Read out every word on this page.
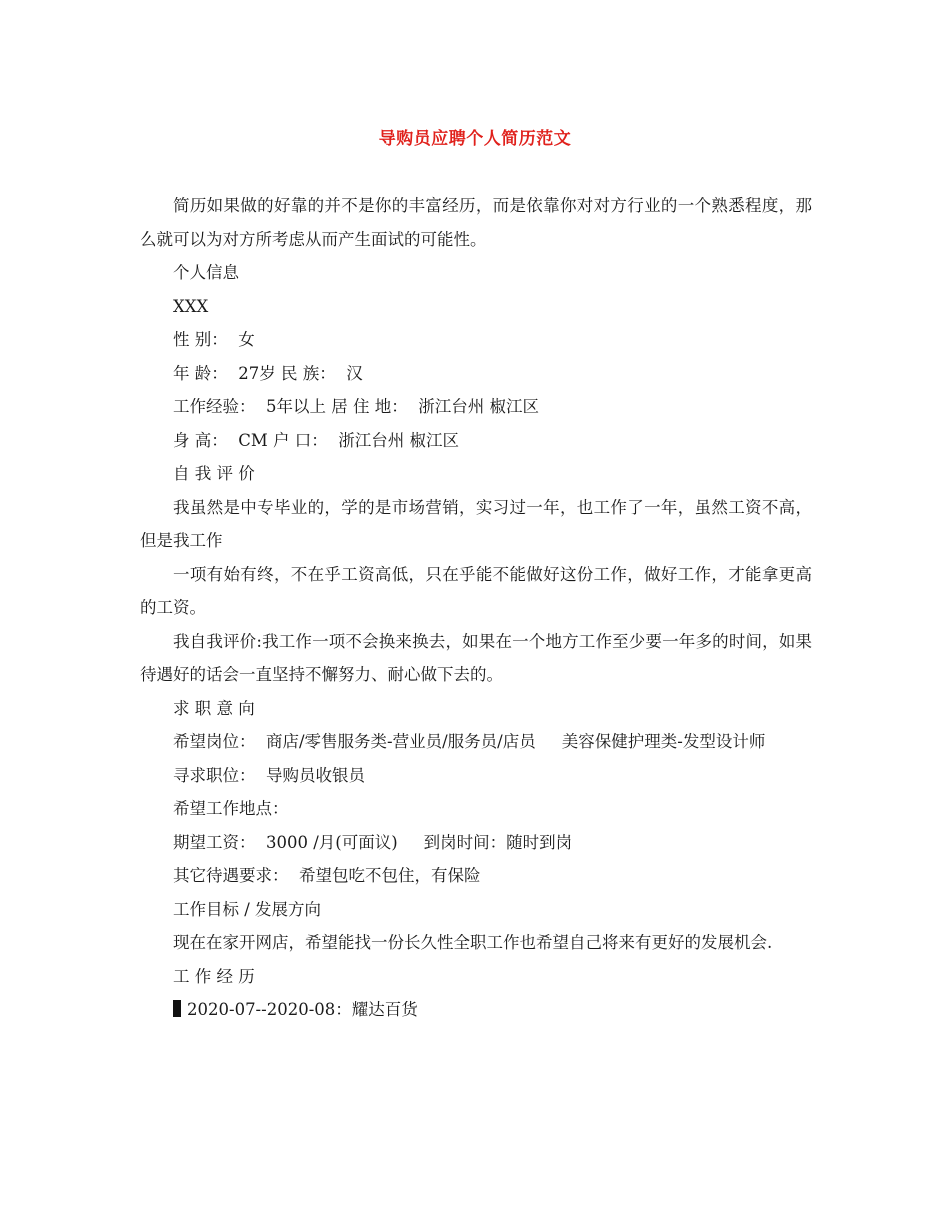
导购员应聘个人简历范文

简历如果做的好靠的并不是你的丰富经历，而是依靠你对对方行业的一个熟悉程度，那么就可以为对方所考虑从而产生面试的可能性。

个人信息

XXX

性 别：  女

年 龄：  27岁 民 族：  汉

工作经验：  5年以上 居 住 地：  浙江台州 椒江区

身 高：  CM 户 口：  浙江台州 椒江区

自 我 评 价

我虽然是中专毕业的，学的是市场营销，实习过一年，也工作了一年，虽然工资不高，但是我工作

一项有始有终，不在乎工资高低，只在乎能不能做好这份工作，做好工作，才能拿更高的工资。

我自我评价:我工作一项不会换来换去，如果在一个地方工作至少要一年多的时间，如果待遇好的话会一直坚持不懈努力、耐心做下去的。

求 职 意 向

希望岗位：  商店/零售服务类-营业员/服务员/店员 美容保健护理类-发型设计师

寻求职位：  导购员收银员

希望工作地点：

期望工资：  3000 /月(可面议) 到岗时间：随时到岗

其它待遇要求：  希望包吃不包住，有保险

工作目标 / 发展方向

现在在家开网店，希望能找一份长久性全职工作也希望自己将来有更好的发展机会.

工 作 经 历

2020-07--2020-08：耀达百货
